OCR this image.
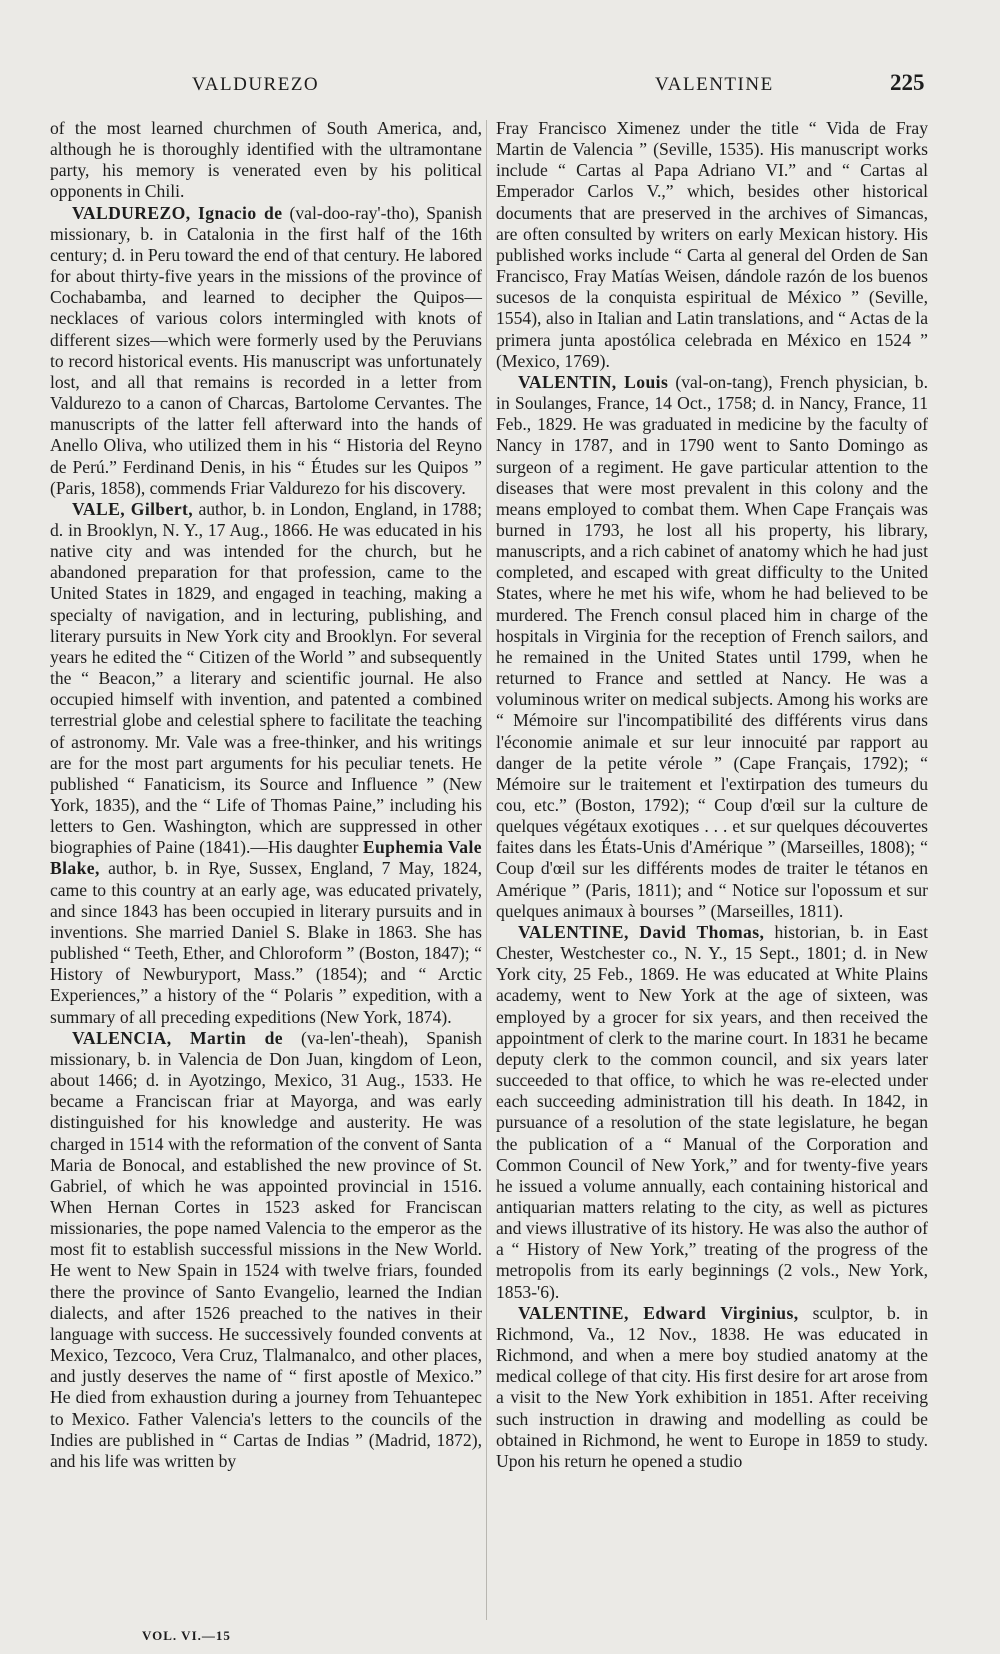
VALDUREZO	VALENTINE	225

of the most learned churchmen of South America, and, although he is thoroughly identified with the ultramontane party, his memory is venerated even by his political opponents in Chili.

VALDUREZO, Ignacio de (val-doo-ray'-tho), Spanish missionary, b. in Catalonia in the first half of the 16th century; d. in Peru toward the end of that century. He labored for about thirty-five years in the missions of the province of Cochabamba, and learned to decipher the Quipos—necklaces of various colors intermingled with knots of different sizes—which were formerly used by the Peruvians to record historical events. His manuscript was unfortunately lost, and all that remains is recorded in a letter from Valdurezo to a canon of Charcas, Bartolome Cervantes. The manuscripts of the latter fell afterward into the hands of Anello Oliva, who utilized them in his “ Historia del Reyno de Perú.” Ferdinand Denis, in his “ Études sur les Quipos ” (Paris, 1858), commends Friar Valdurezo for his discovery.

VALE, Gilbert, author, b. in London, England, in 1788; d. in Brooklyn, N. Y., 17 Aug., 1866. He was educated in his native city and was intended for the church, but he abandoned preparation for that profession, came to the United States in 1829, and engaged in teaching, making a specialty of navigation, and in lecturing, publishing, and literary pursuits in New York city and Brooklyn. For several years he edited the “ Citizen of the World ” and subsequently the “ Beacon,” a literary and scientific journal. He also occupied himself with invention, and patented a combined terrestrial globe and celestial sphere to facilitate the teaching of astronomy. Mr. Vale was a free-thinker, and his writings are for the most part arguments for his peculiar tenets. He published “ Fanaticism, its Source and Influence ” (New York, 1835), and the “ Life of Thomas Paine,” including his letters to Gen. Washington, which are suppressed in other biographies of Paine (1841).—His daughter Euphemia Vale Blake, author, b. in Rye, Sussex, England, 7 May, 1824, came to this country at an early age, was educated privately, and since 1843 has been occupied in literary pursuits and in inventions. She married Daniel S. Blake in 1863. She has published “ Teeth, Ether, and Chloroform ” (Boston, 1847); “ History of Newburyport, Mass.” (1854); and “ Arctic Experiences,” a history of the “ Polaris ” expedition, with a summary of all preceding expeditions (New York, 1874).

VALENCIA, Martin de (va-len'-theah), Spanish missionary, b. in Valencia de Don Juan, kingdom of Leon, about 1466; d. in Ayotzingo, Mexico, 31 Aug., 1533. He became a Franciscan friar at Mayorga, and was early distinguished for his knowledge and austerity. He was charged in 1514 with the reformation of the convent of Santa Maria de Bonocal, and established the new province of St. Gabriel, of which he was appointed provincial in 1516. When Hernan Cortes in 1523 asked for Franciscan missionaries, the pope named Valencia to the emperor as the most fit to establish successful missions in the New World. He went to New Spain in 1524 with twelve friars, founded there the province of Santo Evangelio, learned the Indian dialects, and after 1526 preached to the natives in their language with success. He successively founded convents at Mexico, Tezcoco, Vera Cruz, Tlalmanalco, and other places, and justly deserves the name of “ first apostle of Mexico.” He died from exhaustion during a journey from Tehuantepec to Mexico. Father Valencia's letters to the councils of the Indies are published in “ Cartas de Indias ” (Madrid, 1872), and his life was written by

Fray Francisco Ximenez under the title “ Vida de Fray Martin de Valencia ” (Seville, 1535). His manuscript works include “ Cartas al Papa Adriano VI.” and “ Cartas al Emperador Carlos V.,” which, besides other historical documents that are preserved in the archives of Simancas, are often consulted by writers on early Mexican history. His published works include “ Carta al general del Orden de San Francisco, Fray Matías Weisen, dándole razón de los buenos sucesos de la conquista espiritual de México ” (Seville, 1554), also in Italian and Latin translations, and “ Actas de la primera junta apostólica celebrada en México en 1524 ” (Mexico, 1769).

VALENTIN, Louis (val-on-tang), French physician, b. in Soulanges, France, 14 Oct., 1758; d. in Nancy, France, 11 Feb., 1829. He was graduated in medicine by the faculty of Nancy in 1787, and in 1790 went to Santo Domingo as surgeon of a regiment. He gave particular attention to the diseases that were most prevalent in this colony and the means employed to combat them. When Cape Français was burned in 1793, he lost all his property, his library, manuscripts, and a rich cabinet of anatomy which he had just completed, and escaped with great difficulty to the United States, where he met his wife, whom he had believed to be murdered. The French consul placed him in charge of the hospitals in Virginia for the reception of French sailors, and he remained in the United States until 1799, when he returned to France and settled at Nancy. He was a voluminous writer on medical subjects. Among his works are “ Mémoire sur l'incompatibilité des différents virus dans l'économie animale et sur leur innocuité par rapport au danger de la petite vérole ” (Cape Français, 1792); “ Mémoire sur le traitement et l'extirpation des tumeurs du cou, etc.” (Boston, 1792); “ Coup d'œil sur la culture de quelques végétaux exotiques . . . et sur quelques découvertes faites dans les États-Unis d'Amérique ” (Marseilles, 1808); “ Coup d'œil sur les différents modes de traiter le tétanos en Amérique ” (Paris, 1811); and “ Notice sur l'opossum et sur quelques animaux à bourses ” (Marseilles, 1811).

VALENTINE, David Thomas, historian, b. in East Chester, Westchester co., N. Y., 15 Sept., 1801; d. in New York city, 25 Feb., 1869. He was educated at White Plains academy, went to New York at the age of sixteen, was employed by a grocer for six years, and then received the appointment of clerk to the marine court. In 1831 he became deputy clerk to the common council, and six years later succeeded to that office, to which he was re-elected under each succeeding administration till his death. In 1842, in pursuance of a resolution of the state legislature, he began the publication of a “ Manual of the Corporation and Common Council of New York,” and for twenty-five years he issued a volume annually, each containing historical and antiquarian matters relating to the city, as well as pictures and views illustrative of its history. He was also the author of a “ History of New York,” treating of the progress of the metropolis from its early beginnings (2 vols., New York, 1853-'6).

VALENTINE, Edward Virginius, sculptor, b. in Richmond, Va., 12 Nov., 1838. He was educated in Richmond, and when a mere boy studied anatomy at the medical college of that city. His first desire for art arose from a visit to the New York exhibition in 1851. After receiving such instruction in drawing and modelling as could be obtained in Richmond, he went to Europe in 1859 to study. Upon his return he opened a studio

VOL. VI.—15
